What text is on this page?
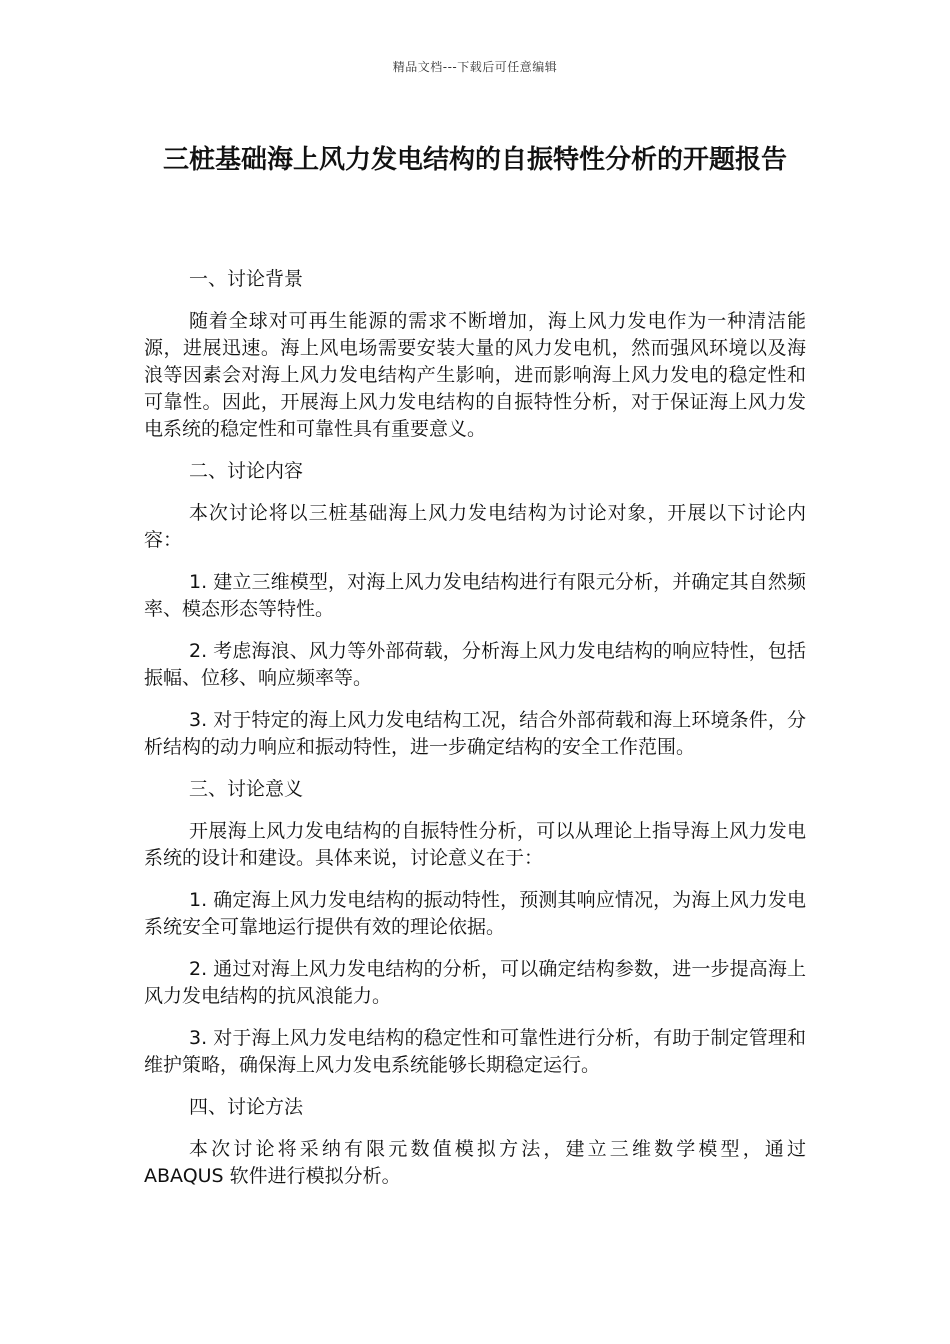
精品文档---下载后可任意编辑
三桩基础海上风力发电结构的自振特性分析的开题报告

一、讨论背景

随着全球对可再生能源的需求不断增加，海上风力发电作为一种清洁能源，进展迅速。海上风电场需要安装大量的风力发电机，然而强风环境以及海浪等因素会对海上风力发电结构产生影响，进而影响海上风力发电的稳定性和可靠性。因此，开展海上风力发电结构的自振特性分析，对于保证海上风力发电系统的稳定性和可靠性具有重要意义。

二、讨论内容

本次讨论将以三桩基础海上风力发电结构为讨论对象，开展以下讨论内容：

1. 建立三维模型，对海上风力发电结构进行有限元分析，并确定其自然频率、模态形态等特性。

2. 考虑海浪、风力等外部荷载，分析海上风力发电结构的响应特性，包括振幅、位移、响应频率等。

3. 对于特定的海上风力发电结构工况，结合外部荷载和海上环境条件，分析结构的动力响应和振动特性，进一步确定结构的安全工作范围。

三、讨论意义

开展海上风力发电结构的自振特性分析，可以从理论上指导海上风力发电系统的设计和建设。具体来说，讨论意义在于：

1. 确定海上风力发电结构的振动特性，预测其响应情况，为海上风力发电系统安全可靠地运行提供有效的理论依据。

2. 通过对海上风力发电结构的分析，可以确定结构参数，进一步提高海上风力发电结构的抗风浪能力。

3. 对于海上风力发电结构的稳定性和可靠性进行分析，有助于制定管理和维护策略，确保海上风力发电系统能够长期稳定运行。

四、讨论方法

本次讨论将采纳有限元数值模拟方法，建立三维数学模型，通过 ABAQUS 软件进行模拟分析。
